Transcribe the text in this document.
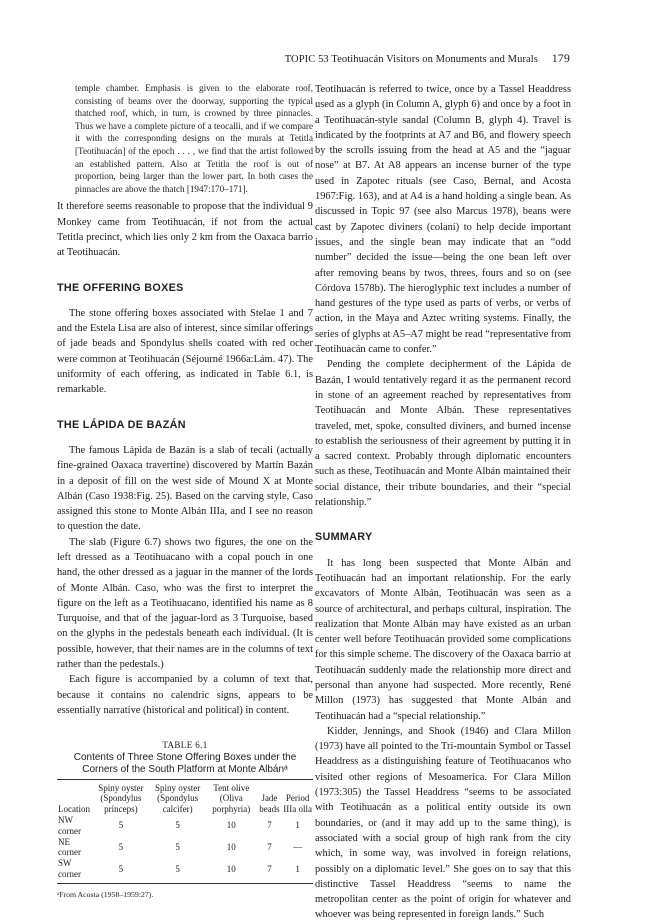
TOPIC 53 Teotihuacán Visitors on Monuments and Murals 179

temple chamber. Emphasis is given to the elaborate roof, consisting of beams over the doorway, supporting the typical thatched roof, which, in turn, is crowned by three pinnacles. Thus we have a complete picture of a teocalli, and if we compare it with the corresponding designs on the murals at Tetitla [Teotihuacán] of the epoch . . . , we find that the artist followed an established pattern. Also at Tetitla the roof is out of proportion, being larger than the lower part. In both cases the pinnacles are above the thatch [1947:170–171].

It therefore seems reasonable to propose that the individual 9 Monkey came from Teotihuacán, if not from the actual Tetitla precinct, which lies only 2 km from the Oaxaca barrio at Teotihuacán.

THE OFFERING BOXES

The stone offering boxes associated with Stelae 1 and 7 and the Estela Lisa are also of interest, since similar offerings of jade beads and Spondylus shells coated with red ocher were common at Teotihuacán (Séjourné 1966a:Lám. 47). The uniformity of each offering, as indicated in Table 6.1, is remarkable.

THE LÁPIDA DE BAZÁN

The famous Lápida de Bazán is a slab of tecali (actually fine-grained Oaxaca travertine) discovered by Martín Bazán in a deposit of fill on the west side of Mound X at Monte Albán (Caso 1938:Fig. 25). Based on the carving style, Caso assigned this stone to Monte Albán IIIa, and I see no reason to question the date.

The slab (Figure 6.7) shows two figures, the one on the left dressed as a Teotihuacano with a copal pouch in one hand, the other dressed as a jaguar in the manner of the lords of Monte Albán. Caso, who was the first to interpret the figure on the left as a Teotihuacano, identified his name as 8 Turquoise, and that of the jaguar-lord as 3 Turquoise, based on the glyphs in the pedestals beneath each individual. (It is possible, however, that their names are in the columns of text rather than the pedestals.)

Each figure is accompanied by a column of text that, because it contains no calendric signs, appears to be essentially narrative (historical and political) in content.

TABLE 6.1
Contents of Three Stone Offering Boxes under the Corners of the South Platform at Monte Albánᵃ
Location	Spiny oyster (Spondylus princeps)	Spiny oyster (Spondylus calcifer)	Tent olive (Oliva porphyria)	Jade beads	Period IIIa olla
NW corner	5	5	10	7	1
NE corner	5	5	10	7	—
SW corner	5	5	10	7	1
ᵃFrom Acosta (1958–1959:27).

Teotihuacán is referred to twice, once by a Tassel Headdress used as a glyph (in Column A, glyph 6) and once by a foot in a Teotihuacán-style sandal (Column B, glyph 4). Travel is indicated by the footprints at A7 and B6, and flowery speech by the scrolls issuing from the head at A5 and the “jaguar nose” at B7. At A8 appears an incense burner of the type used in Zapotec rituals (see Caso, Bernal, and Acosta 1967:Fig. 163), and at A4 is a hand holding a single bean. As discussed in Topic 97 (see also Marcus 1978), beans were cast by Zapotec diviners (colaní) to help decide important issues, and the single bean may indicate that an “odd number” decided the issue—being the one bean left over after removing beans by twos, threes, fours and so on (see Córdova 1578b). The hieroglyphic text includes a number of hand gestures of the type used as parts of verbs, or verbs of action, in the Maya and Aztec writing systems. Finally, the series of glyphs at A5–A7 might be read “representative from Teotihuacán came to confer.”

Pending the complete decipherment of the Lápida de Bazán, I would tentatively regard it as the permanent record in stone of an agreement reached by representatives from Teotihuacán and Monte Albán. These representatives traveled, met, spoke, consulted diviners, and burned incense to establish the seriousness of their agreement by putting it in a sacred context. Probably through diplomatic encounters such as these, Teotihuacán and Monte Albán maintained their social distance, their tribute boundaries, and their “special relationship.”

SUMMARY

It has long been suspected that Monte Albán and Teotihuacán had an important relationship. For the early excavators of Monte Albán, Teotihuacán was seen as a source of architectural, and perhaps cultural, inspiration. The realization that Monte Albán may have existed as an urban center well before Teotihuacán provided some complications for this simple scheme. The discovery of the Oaxaca barrio at Teotihuacán suddenly made the relationship more direct and personal than anyone had suspected. More recently, René Millon (1973) has suggested that Monte Albán and Teotihuacán had a “special relationship.”

Kidder, Jennings, and Shook (1946) and Clara Millon (1973) have all pointed to the Tri-mountain Symbol or Tassel Headdress as a distinguishing feature of Teotihuacanos who visited other regions of Mesoamerica. For Clara Millon (1973:305) the Tassel Headdress “seems to be associated with Teotihuacán as a political entity outside its own boundaries, or (and it may add up to the same thing), is associated with a social group of high rank from the city which, in some way, was involved in foreign relations, possibly on a diplomatic level.” She goes on to say that this distinctive Tassel Headdress “seems to name the metropolitan center as the point of origin for whatever and whoever was being represented in foreign lands.” Such
